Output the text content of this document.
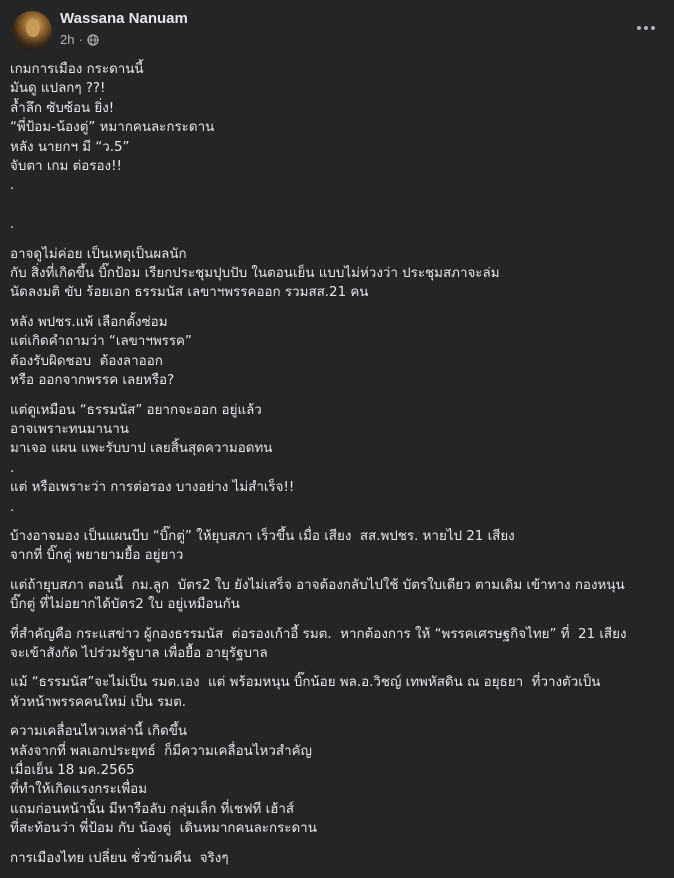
Wassana Nanuam
2h ·
เกมการเมือง กระดานนี้
มันดู แปลกๆ ??!
ล้ำลึก ซับซ้อน ยิ่ง!
“พี่ป้อม-น้องตู่” หมากคนละกระดาน
หลัง นายกฯ มี “ว.5”
จับตา เกม ต่อรอง!!
.

.
อาจดูไม่ค่อย เป็นเหตุเป็นผลนัก
กับ สิ่งที่เกิดขึ้น บิ๊กป้อม เรียกประชุมปุบปับ ในตอนเย็น แบบไม่ห่วงว่า ประชุมสภาจะล่ม
นัดลงมติ ขับ ร้อยเอก ธรรมนัส เลขาฯพรรคออก รวมสส.21 คน
หลัง พปชร.แพ้ เลือกตั้งซ่อม
แต่เกิดคำถามว่า “เลขาฯพรรค”
ต้องรับผิดชอบ  ต้องลาออก
หรือ ออกจากพรรค เลยหรือ?
แต่ดูเหมือน “ธรรมนัส” อยากจะออก อยู่แล้ว
อาจเพราะทนมานาน
มาเจอ แผน แพะรับบาป เลยสิ้นสุดความอดทน
.
แต่ หรือเพราะว่า การต่อรอง บางอย่าง ไม่สำเร็จ!!
.
บ้างอาจมอง เป็นแผนบีบ “บิ๊กตู่” ให้ยุบสภา เร็วขึ้น เมื่อ เสียง  สส.พปชร. หายไป 21 เสียง
จากที่ บิ๊กตู่ พยายามยื้อ อยู่ยาว
แต่ถ้ายุบสภา ตอนนี้  กม.ลูก  บัตร2 ใบ ยังไม่เสร็จ อาจต้องกลับไปใช้ บัตรใบเดียว ตามเดิม เข้าทาง กองหนุน
บิ๊กตู่ ที่ไม่อยากได้บัตร2 ใบ อยู่เหมือนกัน
ที่สำคัญคือ กระแสข่าว ผู้กองธรรมนัส  ต่อรองเก้าอี้ รมต.  หากต้องการ ให้ “พรรคเศรษฐกิจไทย” ที่  21 เสียง
จะเข้าสังกัด ไปร่วมรัฐบาล เพื่อยื้อ อายุรัฐบาล
แม้ “ธรรมนัส”จะไม่เป็น รมต.เอง  แต่ พร้อมหนุน บิ๊กน้อย พล.อ.วิชญ์ เทพหัสดิน ณ อยุธยา  ที่วางตัวเป็น
หัวหน้าพรรคคนใหม่ เป็น รมต.
ความเคลื่อนไหวเหล่านี้ เกิดขึ้น
หลังจากที่ พลเอกประยุทธ์  ก็มีความเคลื่อนไหวสำคัญ
เมื่อเย็น 18 มค.2565
ที่ทำให้เกิดแรงกระเพื่อม
แถมก่อนหน้านั้น มีหารือลับ กลุ่มเล็ก ที่เชฟที เฮ้าส์
ที่สะท้อนว่า พี่ป้อม กับ น้องตู่  เดินหมากคนละกระดาน
การเมืองไทย เปลี่ยน ชั่วข้ามคืน  จริงๆ
